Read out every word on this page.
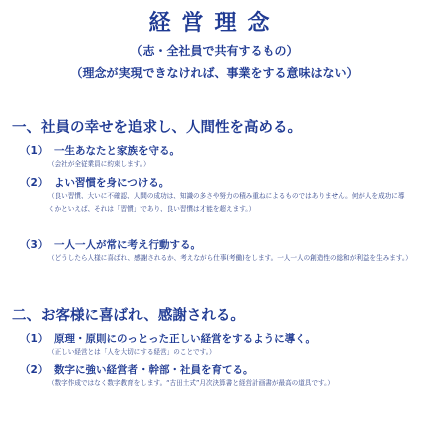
経営理念
（志・全社員で共有するもの）
（理念が実現できなければ、事業をする意味はない）
一、社員の幸せを追求し、人間性を高める。
（1） 一生あなたと家族を守る。
（会社が全従業員に約束します。）
（2） よい習慣を身につける。
（良い習慣、大いに不確認、人間の成功は、知識の多さや努力の積み重ねによるものではありません。何が人を成功に導くかといえば、それは「習慣」であり、良い習慣は才能を超えます。）
（3） 一人一人が常に考え行動する。
（どうしたら人様に喜ばれ、感謝されるか、考えながら仕事(考働)をします。一人一人の創造性の総和が利益を生みます。）
二、お客様に喜ばれ、感謝される。
（1） 原理・原則にのっとった正しい経営をするように導く。
（正しい経営とは「人を大切にする経営」のことです。）
（2） 数字に強い経営者・幹部・社員を育てる。
（数字作成ではなく数字教育をします。“古田土式”月次決算書と経営計画書が最高の道具です。）
